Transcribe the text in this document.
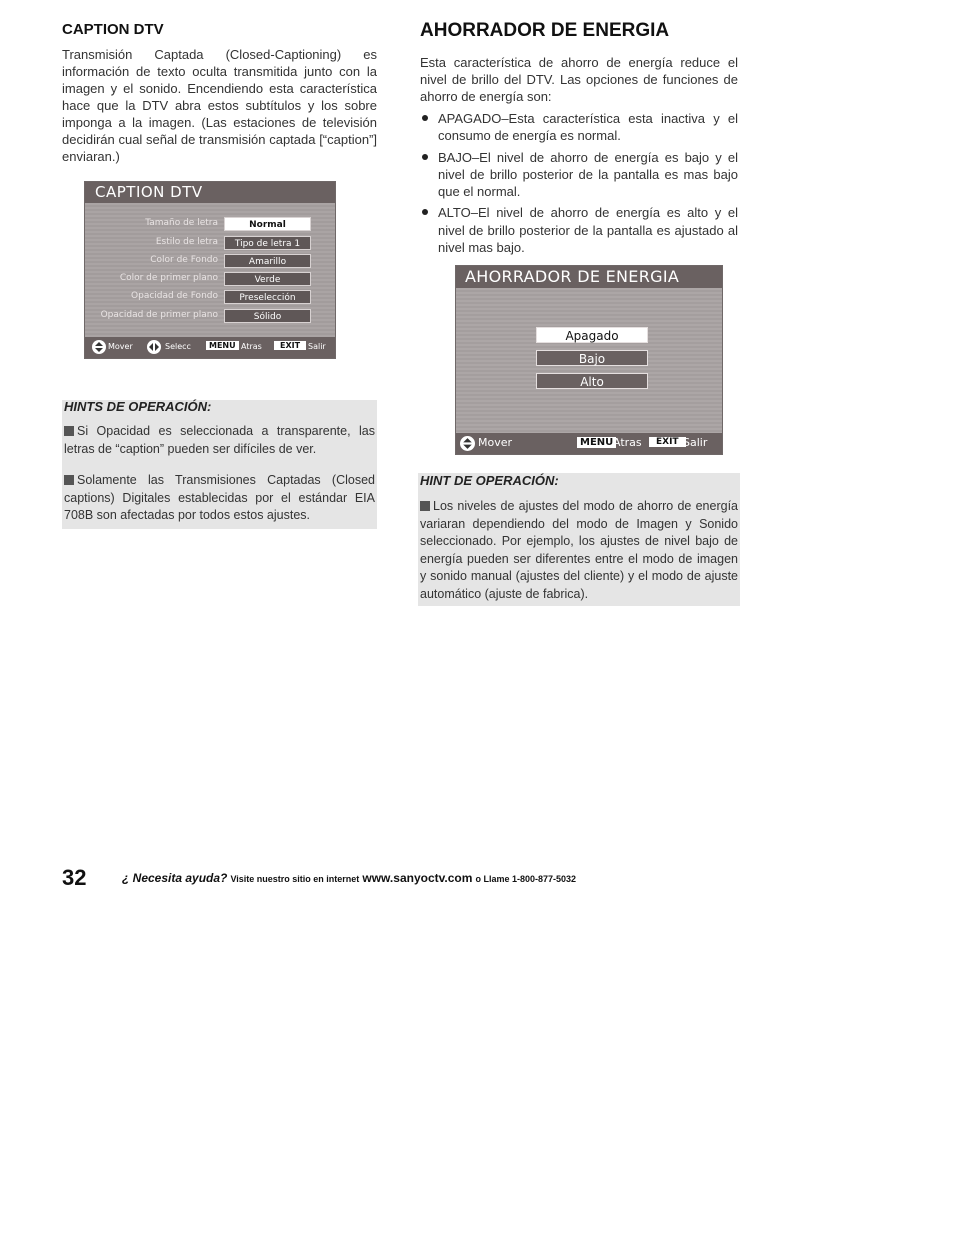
CAPTION DTV
Transmisión Captada (Closed-Captioning) es información de texto oculta transmitida junto con la imagen y el sonido. Encendiendo esta característica hace que la DTV abra estos subtítulos y los sobre imponga a la imagen. (Las estaciones de televisión decidirán cual señal de transmisión captada [“caption”] enviaran.)
CAPTION DTV
Tamaño de letra	Normal
Estilo de letra	Tipo de letra 1
Color de Fondo	Amarillo
Color de primer plano	Verde
Opacidad de Fondo	Preselección
Opacidad de primer plano	Sólido
Mover	Selecc	MENU Atras	EXIT Salir
HINTS DE OPERACIÓN:
Si Opacidad es seleccionada a transparente, las letras de “caption” pueden ser difíciles de ver.
Solamente las Transmisiones Captadas (Closed captions) Digitales establecidas por el estándar EIA 708B son afectadas por todos estos ajustes.
AHORRADOR DE ENERGIA
Esta característica de ahorro de energía reduce el nivel de brillo del DTV. Las opciones de funciones de ahorro de energía son:
APAGADO–Esta característica esta inactiva y el consumo de energía es normal.
BAJO–El nivel de ahorro de energía es bajo y el nivel de brillo posterior de la pantalla es mas bajo que el normal.
ALTO–El nivel de ahorro de energía es alto y el nivel de brillo posterior de la pantalla es ajustado al nivel mas bajo.
AHORRADOR DE ENERGIA
Apagado
Bajo
Alto
Mover	MENU Atras	EXIT Salir
HINT DE OPERACIÓN:
Los niveles de ajustes del modo de ahorro de energía variaran dependiendo del modo de Imagen y Sonido seleccionado. Por ejemplo, los ajustes de nivel bajo de energía pueden ser diferentes entre el modo de imagen y sonido manual (ajustes del cliente) y el modo de ajuste automático (ajuste de fabrica).
32	¿ Necesita ayuda? Visite nuestro sitio en internet www.sanyoctv.com o Llame 1-800-877-5032
